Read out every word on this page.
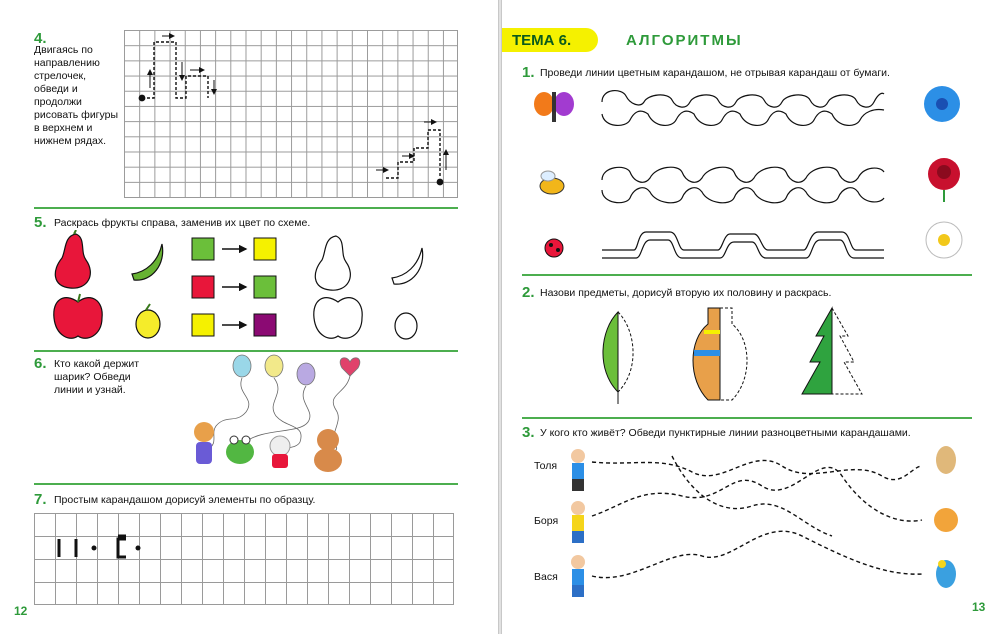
4.
Двигаясь по направлению стрелочек, обведи и продолжи рисовать фигуры в верхнем и нижнем рядах.
5. Раскрась фрукты справа, заменив их цвет по схеме.
6. Кто какой держит шарик? Обведи линии и узнай.
7. Простым карандашом дорисуй элементы по образцу.
12
ТЕМА 6.	АЛГОРИТМЫ
1. Проведи линии цветным карандашом, не отрывая карандаш от бумаги.
2. Назови предметы, дорисуй вторую их половину и раскрась.
3. У кого кто живёт? Обведи пунктирные линии разноцветными карандашами.
Толя
Боря
Вася
13
